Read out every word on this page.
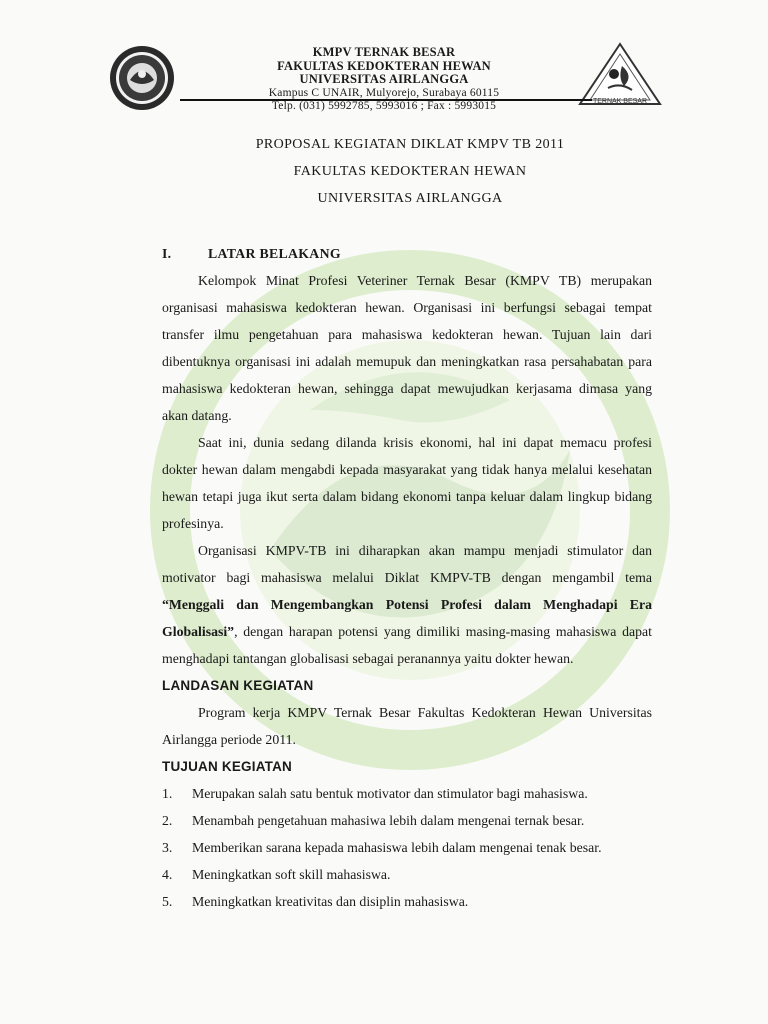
TERNAK BESAR
KMPV TERNAK BESAR
FAKULTAS KEDOKTERAN HEWAN
UNIVERSITAS AIRLANGGA
Kampus C UNAIR, Mulyorejo, Surabaya 60115
Telp. (031) 5992785, 5993016 ; Fax : 5993015
PROPOSAL KEGIATAN DIKLAT KMPV TB 2011
FAKULTAS KEDOKTERAN HEWAN
UNIVERSITAS AIRLANGGA
I.	LATAR BELAKANG

Kelompok Minat Profesi Veteriner Ternak Besar (KMPV TB) merupakan organisasi mahasiswa kedokteran hewan. Organisasi ini berfungsi sebagai tempat transfer ilmu pengetahuan para mahasiswa kedokteran hewan. Tujuan lain dari dibentuknya organisasi ini adalah memupuk dan meningkatkan rasa persahabatan para mahasiswa kedokteran hewan, sehingga dapat mewujudkan kerjasama dimasa yang akan datang.

Saat ini, dunia sedang dilanda krisis ekonomi, hal ini dapat memacu profesi dokter hewan dalam mengabdi kepada masyarakat yang tidak hanya melalui kesehatan hewan tetapi juga ikut serta dalam bidang ekonomi tanpa keluar dalam lingkup bidang profesinya.

Organisasi KMPV-TB ini diharapkan akan mampu menjadi stimulator dan motivator bagi mahasiswa melalui Diklat KMPV-TB dengan mengambil tema “Menggali dan Mengembangkan Potensi Profesi dalam Menghadapi Era Globalisasi”, dengan harapan potensi yang dimiliki masing-masing mahasiswa dapat menghadapi tantangan globalisasi sebagai peranannya yaitu dokter hewan.

LANDASAN KEGIATAN

Program kerja KMPV Ternak Besar Fakultas Kedokteran Hewan Universitas Airlangga periode 2011.

TUJUAN KEGIATAN
1. Merupakan salah satu bentuk motivator dan stimulator bagi mahasiswa.
2. Menambah pengetahuan mahasiwa lebih dalam mengenai ternak besar.
3. Memberikan sarana kepada mahasiswa lebih dalam mengenai tenak besar.
4. Meningkatkan soft skill mahasiswa.
5. Meningkatkan kreativitas dan disiplin mahasiswa.
